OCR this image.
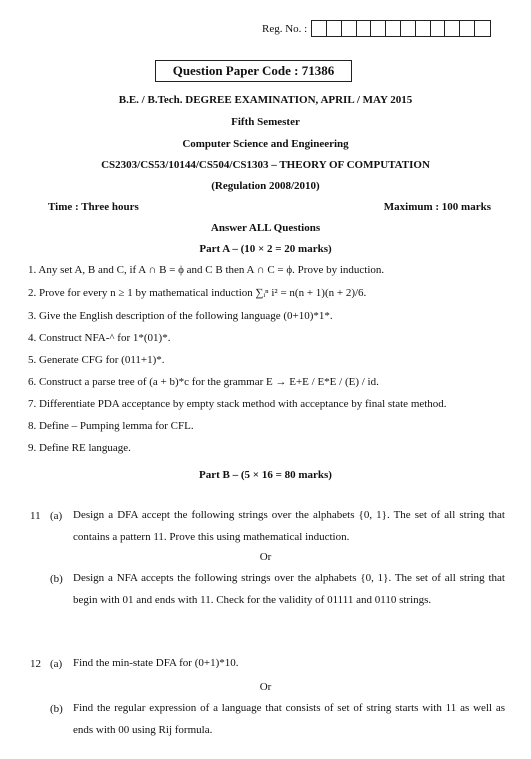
Reg. No. :
Question Paper Code : 71386
B.E. / B.Tech. DEGREE EXAMINATION, APRIL / MAY 2015
Fifth Semester
Computer Science and Engineering
CS2303/CS53/10144/CS504/CS1303 – THEORY OF COMPUTATION
(Regulation 2008/2010)
Time : Three hours	Maximum : 100 marks
Answer ALL Questions
Part A – (10 × 2 = 20 marks)
1. Any set A, B and C, if A ∩ B = ϕ and C B then A ∩ C = ϕ. Prove by induction.
2. Prove for every n ≥ 1 by mathematical induction ∑ᵢⁿ i² = n(n + 1)(n + 2)/6.
3. Give the English description of the following language (0+10)*1*.
4. Construct NFA-^ for 1*(01)*.
5. Generate CFG for (011+1)*.
6. Construct a parse tree of (a + b)*c for the grammar E → E+E / E*E / (E) / id.
7. Differentiate PDA acceptance by empty stack method with acceptance by final state method.
8. Define – Pumping lemma for CFL.
9. Define RE language.
Part B – (5 × 16 = 80 marks)
11 (a) Design a DFA accept the following strings over the alphabets {0, 1}. The set of all string that contains a pattern 11. Prove this using mathematical induction.
Or
(b) Design a NFA accepts the following strings over the alphabets {0, 1}. The set of all string that begin with 01 and ends with 11. Check for the validity of 01111 and 0110 strings.
12 (a) Find the min-state DFA for (0+1)*10.
Or
(b) Find the regular expression of a language that consists of set of string starts with 11 as well as ends with 00 using Rij formula.
